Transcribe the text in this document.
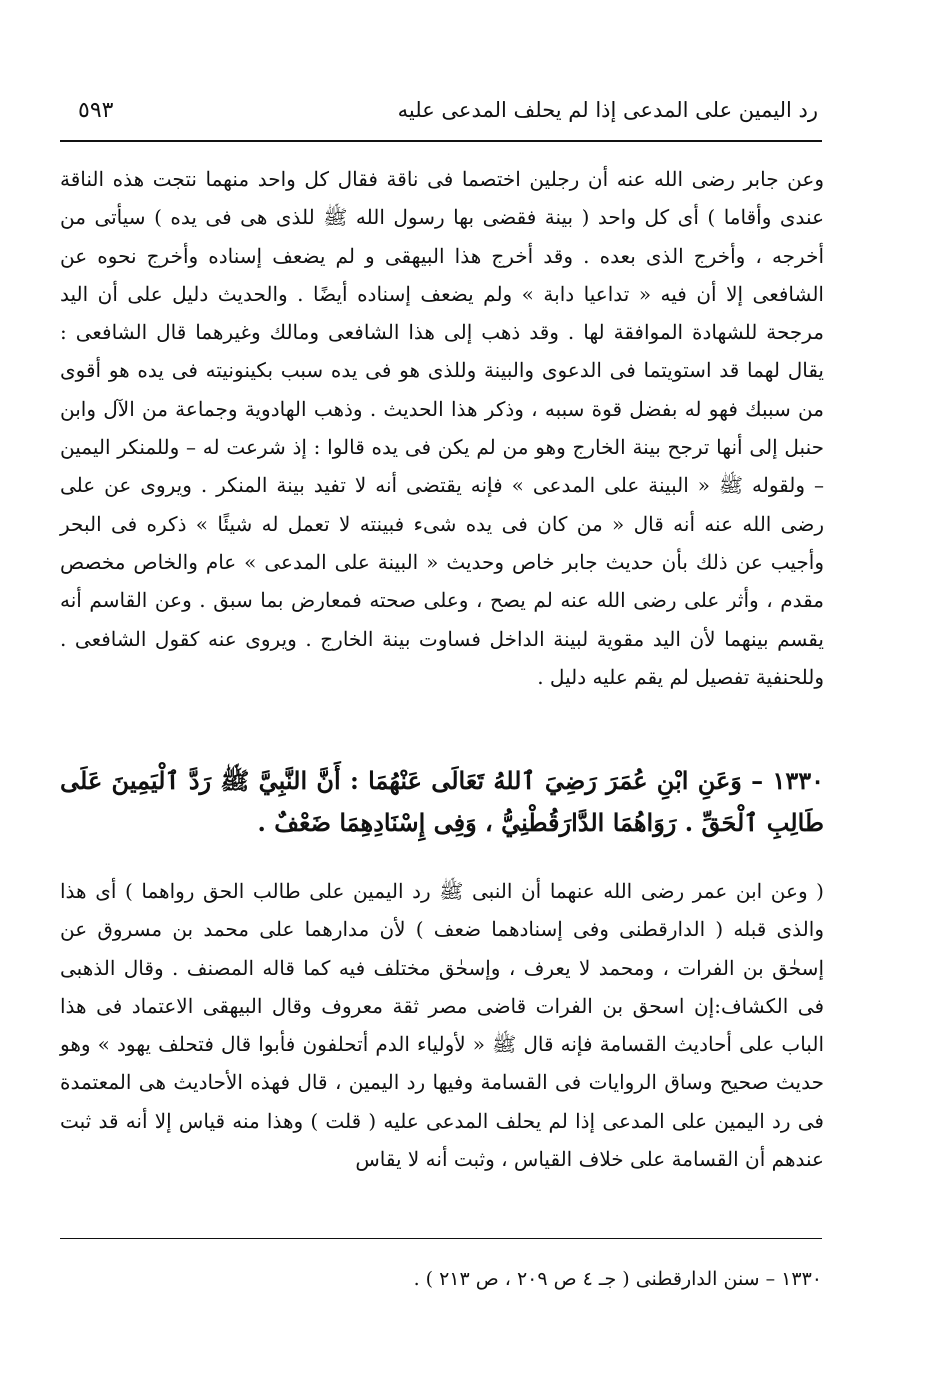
٥٩٣	رد اليمين على المدعى إذا لم يحلف المدعى عليه
وعن جابر رضى الله عنه أن رجلين اختصما فى ناقة فقال كل واحد منهما نتجت هذه الناقة عندى وأقاما ) أى كل واحد ( بينة فقضى بها رسول الله ﷺ للذى هى فى يده ) سيأتى من أخرجه ، وأخرج الذى بعده . وقد أخرج هذا البيهقى و لم يضعف إسناده وأخرج نحوه عن الشافعى إلا أن فيه « تداعيا دابة » ولم يضعف إسناده أيضًا . والحديث دليل على أن اليد مرجحة للشهادة الموافقة لها . وقد ذهب إلى هذا الشافعى ومالك وغيرهما قال الشافعى : يقال لهما قد استويتما فى الدعوى والبينة وللذى هو فى يده سبب بكينونيته فى يده هو أقوى من سببك فهو له بفضل قوة سببه ، وذكر هذا الحديث . وذهب الهادوية وجماعة من الآل وابن حنبل إلى أنها ترجح بينة الخارج وهو من لم يكن فى يده قالوا : إذ شرعت له – وللمنكر اليمين – ولقوله ﷺ « البينة على المدعى » فإنه يقتضى أنه لا تفيد بينة المنكر . ويروى عن على رضى الله عنه أنه قال « من كان فى يده شىء فبينته لا تعمل له شيئًا » ذكره فى البحر وأجيب عن ذلك بأن حديث جابر خاص وحديث « البينة على المدعى » عام والخاص مخصص مقدم ، وأثر على رضى الله عنه لم يصح ، وعلى صحته فمعارض بما سبق . وعن القاسم أنه يقسم بينهما لأن اليد مقوية لبينة الداخل فساوت بينة الخارج . ويروى عنه كقول الشافعى . وللحنفية تفصيل لم يقم عليه دليل .
١٣٣٠ – وَعَنِ ابْنِ عُمَرَ رَضِيَ ٱللهُ تَعَالَى عَنْهُمَا : أَنَّ النَّبِيَّ ﷺ رَدَّ ٱلْيَمِينَ عَلَى طَالِبِ ٱلْحَقِّ . رَوَاهُمَا الدَّارَقُطْنِيُّ ، وَفِى إِسْنَادِهِمَا ضَعْفٌ .
( وعن ابن عمر رضى الله عنهما أن النبى ﷺ رد اليمين على طالب الحق رواهما ) أى هذا والذى قبله ( الدارقطنى وفى إسنادهما ضعف ) لأن مدارهما على محمد بن مسروق عن إسحٰق بن الفرات ، ومحمد لا يعرف ، وإسحٰق مختلف فيه كما قاله المصنف . وقال الذهبى فى الكشاف:إن اسحق بن الفرات قاضى مصر ثقة معروف وقال البيهقى الاعتماد فى هذا الباب على أحاديث القسامة فإنه قال ﷺ « لأولياء الدم أتحلفون فأبوا قال فتحلف يهود » وهو حديث صحيح وساق الروايات فى القسامة وفيها رد اليمين ، قال فهذه الأحاديث هى المعتمدة فى رد اليمين على المدعى إذا لم يحلف المدعى عليه ( قلت ) وهذا منه قياس إلا أنه قد ثبت عندهم أن القسامة على خلاف القياس ، وثبت أنه لا يقاس
١٣٣٠ – سنن الدارقطنى ( جـ ٤ ص ٢٠٩ ، ص ٢١٣ ) .
